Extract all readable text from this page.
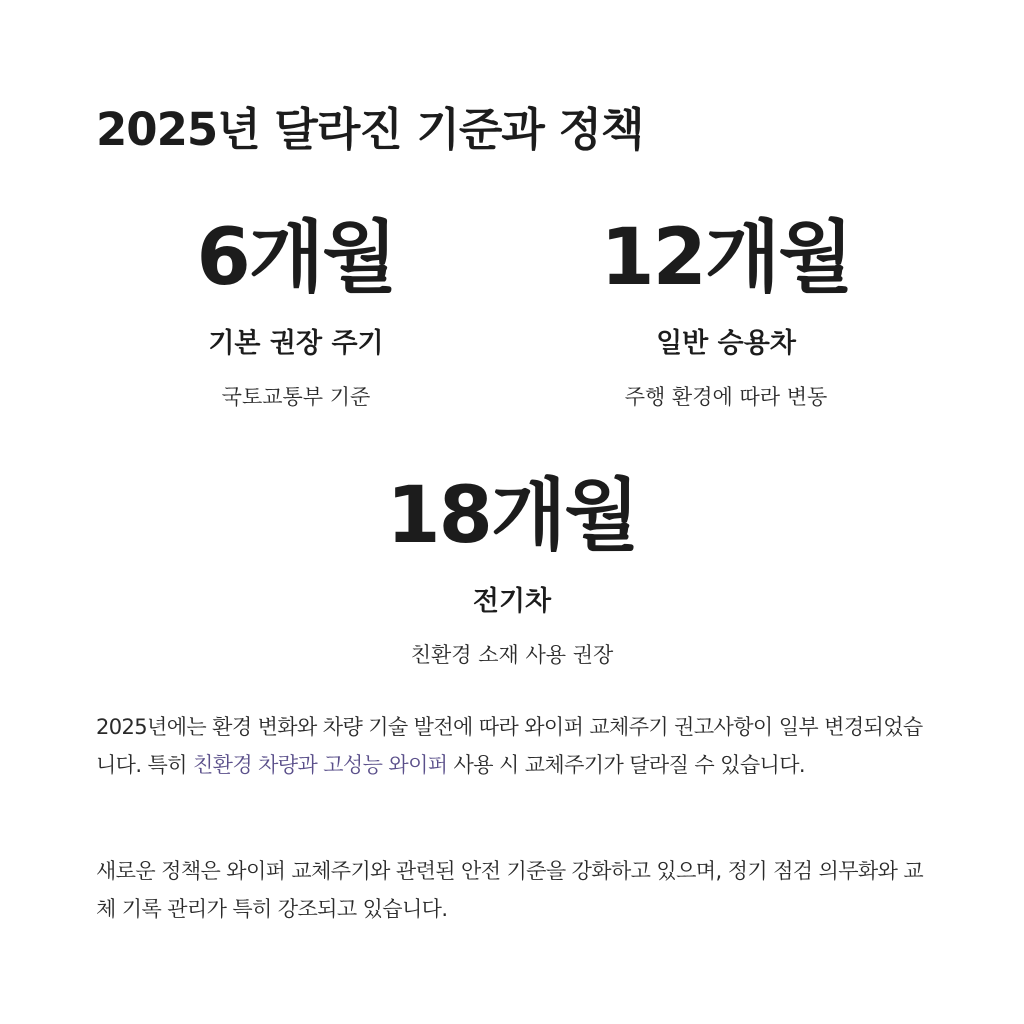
2025년 달라진 기준과 정책
6개월
기본 권장 주기
국토교통부 기준
12개월
일반 승용차
주행 환경에 따라 변동
18개월
전기차
친환경 소재 사용 권장

2025년에는 환경 변화와 차량 기술 발전에 따라 와이퍼 교체주기 권고사항이 일부 변경되었습니다. 특히 친환경 차량과 고성능 와이퍼 사용 시 교체주기가 달라질 수 있습니다.

새로운 정책은 와이퍼 교체주기와 관련된 안전 기준을 강화하고 있으며, 정기 점검 의무화와 교체 기록 관리가 특히 강조되고 있습니다.
